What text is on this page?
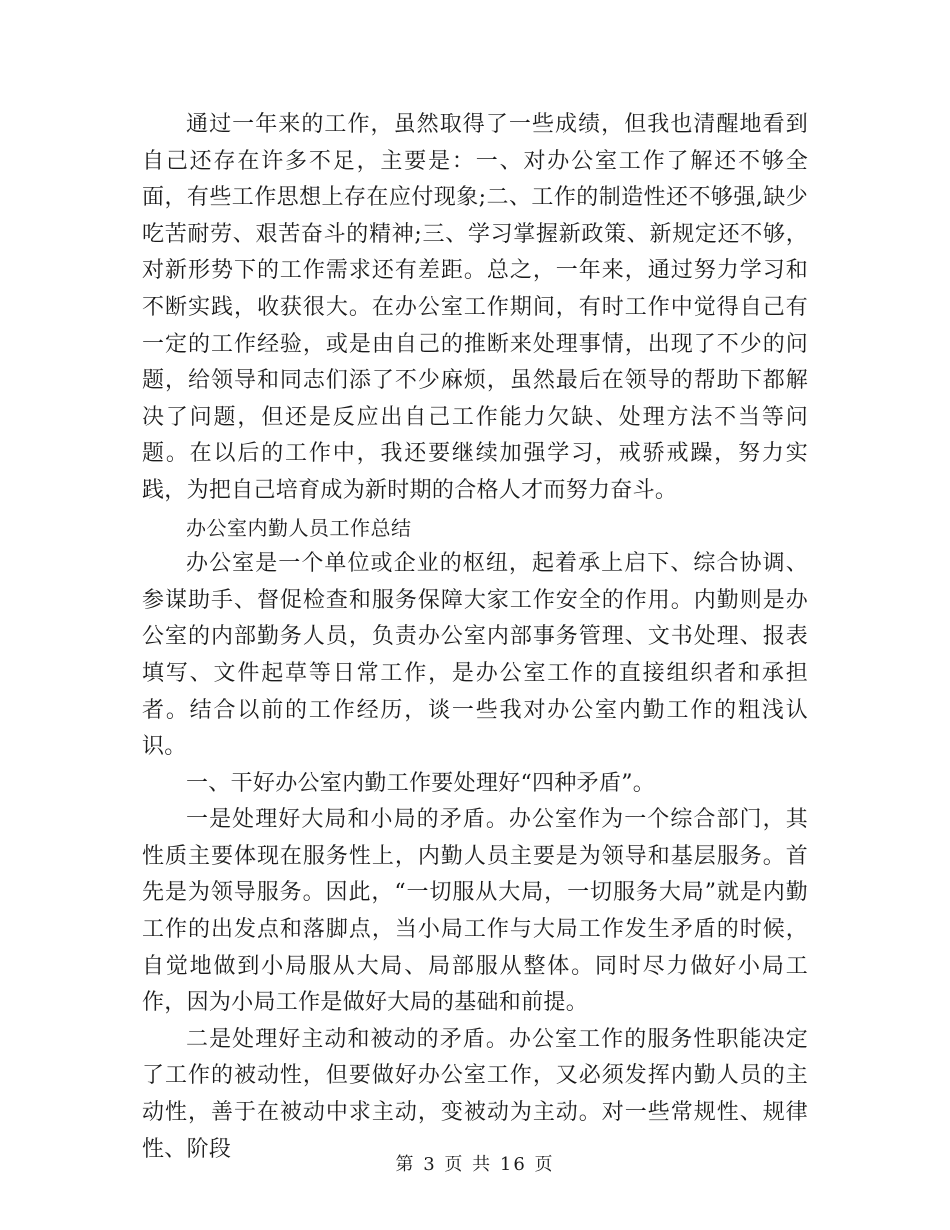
通过一年来的工作，虽然取得了一些成绩，但我也清醒地看到自己还存在许多不足，主要是：一、对办公室工作了解还不够全面，有些工作思想上存在应付现象;二、工作的制造性还不够强,缺少吃苦耐劳、艰苦奋斗的精神;三、学习掌握新政策、新规定还不够，对新形势下的工作需求还有差距。总之，一年来，通过努力学习和不断实践，收获很大。在办公室工作期间，有时工作中觉得自己有一定的工作经验，或是由自己的推断来处理事情，出现了不少的问题，给领导和同志们添了不少麻烦，虽然最后在领导的帮助下都解决了问题，但还是反应出自己工作能力欠缺、处理方法不当等问题。在以后的工作中，我还要继续加强学习，戒骄戒躁，努力实践，为把自己培育成为新时期的合格人才而努力奋斗。

办公室内勤人员工作总结

办公室是一个单位或企业的枢纽，起着承上启下、综合协调、参谋助手、督促检查和服务保障大家工作安全的作用。内勤则是办公室的内部勤务人员，负责办公室内部事务管理、文书处理、报表填写、文件起草等日常工作，是办公室工作的直接组织者和承担者。结合以前的工作经历，谈一些我对办公室内勤工作的粗浅认识。

一、干好办公室内勤工作要处理好“四种矛盾”。

一是处理好大局和小局的矛盾。办公室作为一个综合部门，其性质主要体现在服务性上，内勤人员主要是为领导和基层服务。首先是为领导服务。因此，“一切服从大局，一切服务大局”就是内勤工作的出发点和落脚点，当小局工作与大局工作发生矛盾的时候，自觉地做到小局服从大局、局部服从整体。同时尽力做好小局工作，因为小局工作是做好大局的基础和前提。

二是处理好主动和被动的矛盾。办公室工作的服务性职能决定了工作的被动性，但要做好办公室工作，又必须发挥内勤人员的主动性，善于在被动中求主动，变被动为主动。对一些常规性、规律性、阶段

第 3 页 共 16 页
